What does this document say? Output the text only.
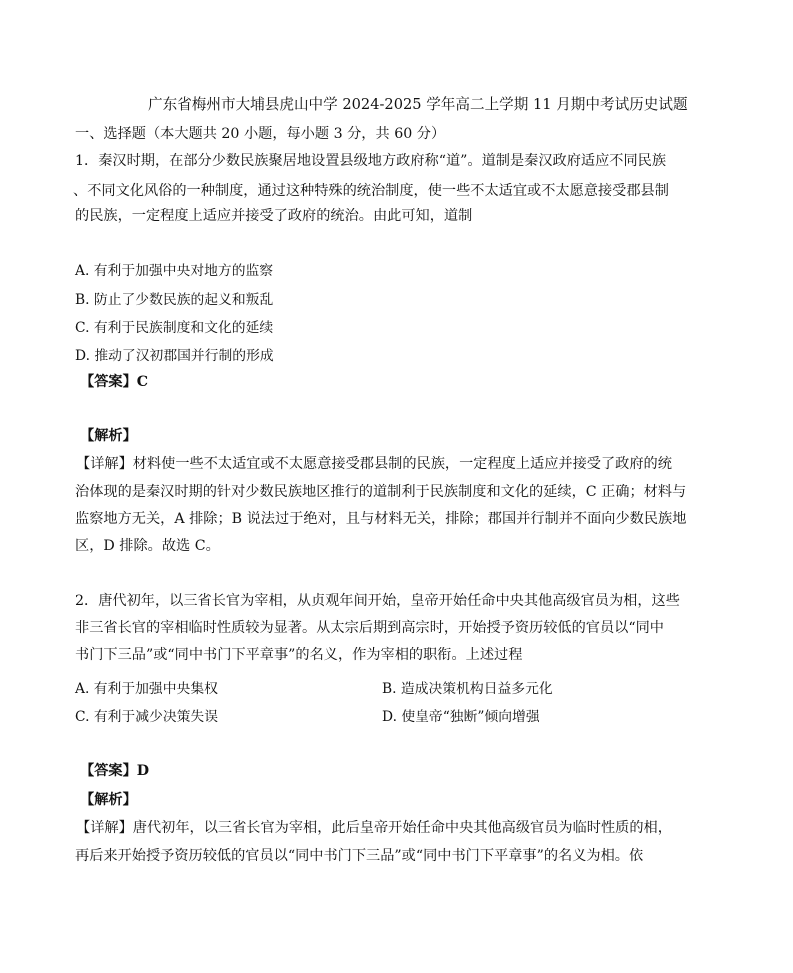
广东省梅州市大埔县虎山中学 2024-2025 学年高二上学期 11 月期中考试历史试题
一、选择题（本大题共 20 小题，每小题 3 分，共 60 分）
1．秦汉时期，在部分少数民族聚居地设置县级地方政府称“道”。道制是秦汉政府适应不同民族
、不同文化风俗的一种制度，通过这种特殊的统治制度，使一些不太适宜或不太愿意接受郡县制
的民族，一定程度上适应并接受了政府的统治。由此可知，道制
A. 有利于加强中央对地方的监察
B. 防止了少数民族的起义和叛乱
C. 有利于民族制度和文化的延续
D. 推动了汉初郡国并行制的形成
【答案】C
【解析】
【详解】材料使一些不太适宜或不太愿意接受郡县制的民族，一定程度上适应并接受了政府的统
治体现的是秦汉时期的针对少数民族地区推行的道制利于民族制度和文化的延续，C 正确；材料与
监察地方无关，A 排除；B 说法过于绝对，且与材料无关，排除；郡国并行制并不面向少数民族地
区，D 排除。故选 C。
2．唐代初年，以三省长官为宰相，从贞观年间开始，皇帝开始任命中央其他高级官员为相，这些
非三省长官的宰相临时性质较为显著。从太宗后期到高宗时，开始授予资历较低的官员以“同中
书门下三品”或“同中书门下平章事”的名义，作为宰相的职衔。上述过程
A. 有利于加强中央集权	B. 造成决策机构日益多元化
C. 有利于减少决策失误	D. 使皇帝“独断”倾向增强
【答案】D
【解析】
【详解】唐代初年，以三省长官为宰相，此后皇帝开始任命中央其他高级官员为临时性质的相，
再后来开始授予资历较低的官员以“同中书门下三品”或“同中书门下平章事”的名义为相。依
